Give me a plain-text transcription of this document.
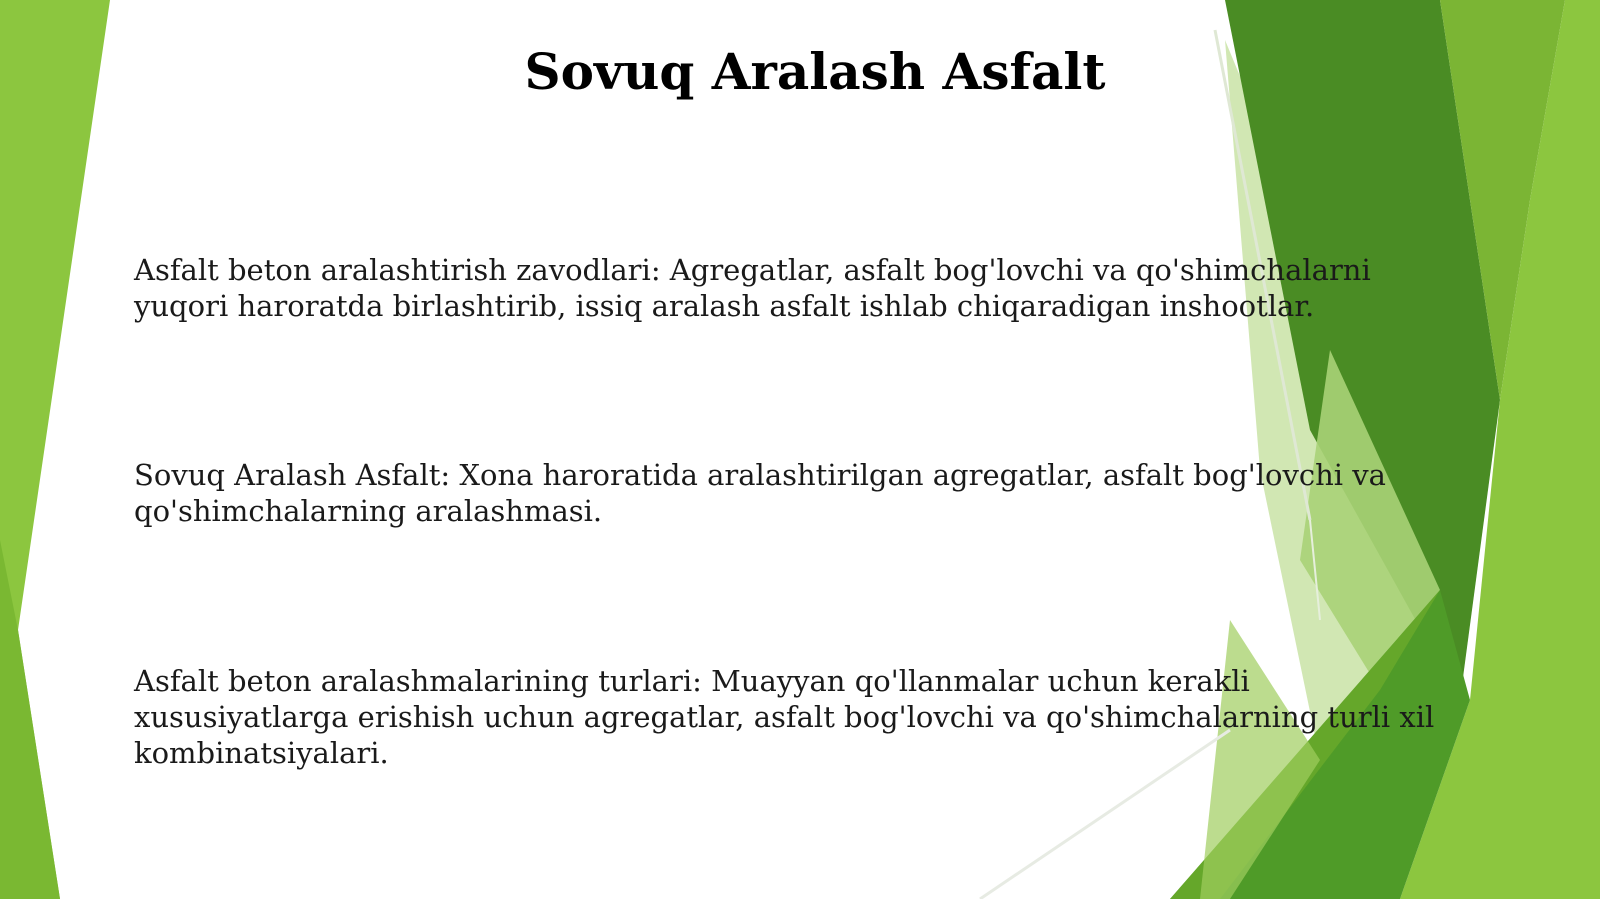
Sovuq Aralash Asfalt

Asfalt beton aralashtirish zavodlari: Agregatlar, asfalt bog'lovchi va qo'shimchalarni yuqori haroratda birlashtirib, issiq aralash asfalt ishlab chiqaradigan inshootlar.

Sovuq Aralash Asfalt: Xona haroratida aralashtirilgan agregatlar, asfalt bog'lovchi va qo'shimchalarning aralashmasi.

Asfalt beton aralashmalarining turlari: Muayyan qo'llanmalar uchun kerakli xususiyatlarga erishish uchun agregatlar, asfalt bog'lovchi va qo'shimchalarning turli xil kombinatsiyalari.
